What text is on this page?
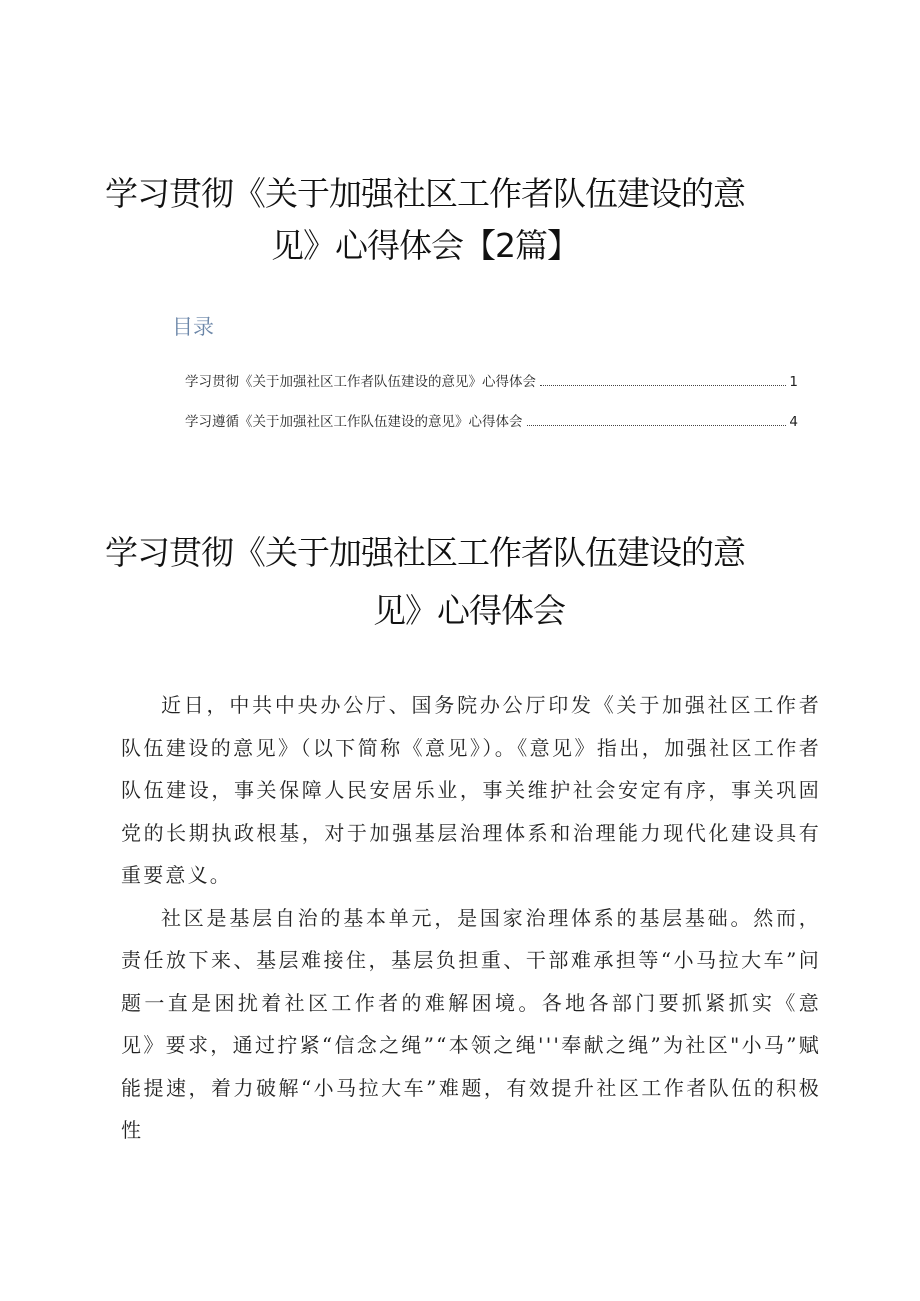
学习贯彻《关于加强社区工作者队伍建设的意
见》心得体会【2篇】
目录
学习贯彻《关于加强社区工作者队伍建设的意见》心得体会	1
学习遵循《关于加强社区工作队伍建设的意见》心得体会	4
学习贯彻《关于加强社区工作者队伍建设的意
见》心得体会

近日，中共中央办公厅、国务院办公厅印发《关于加强社区工作者队伍建设的意见》（以下简称《意见》）。《意见》指出，加强社区工作者队伍建设，事关保障人民安居乐业，事关维护社会安定有序，事关巩固党的长期执政根基，对于加强基层治理体系和治理能力现代化建设具有重要意义。

社区是基层自治的基本单元，是国家治理体系的基层基础。然而，责任放下来、基层难接住，基层负担重、干部难承担等“小马拉大车”问题一直是困扰着社区工作者的难解困境。各地各部门要抓紧抓实《意见》要求，通过拧紧“信念之绳”“本领之绳'''奉献之绳”为社区"小马”赋能提速，着力破解“小马拉大车”难题，有效提升社区工作者队伍的积极性
